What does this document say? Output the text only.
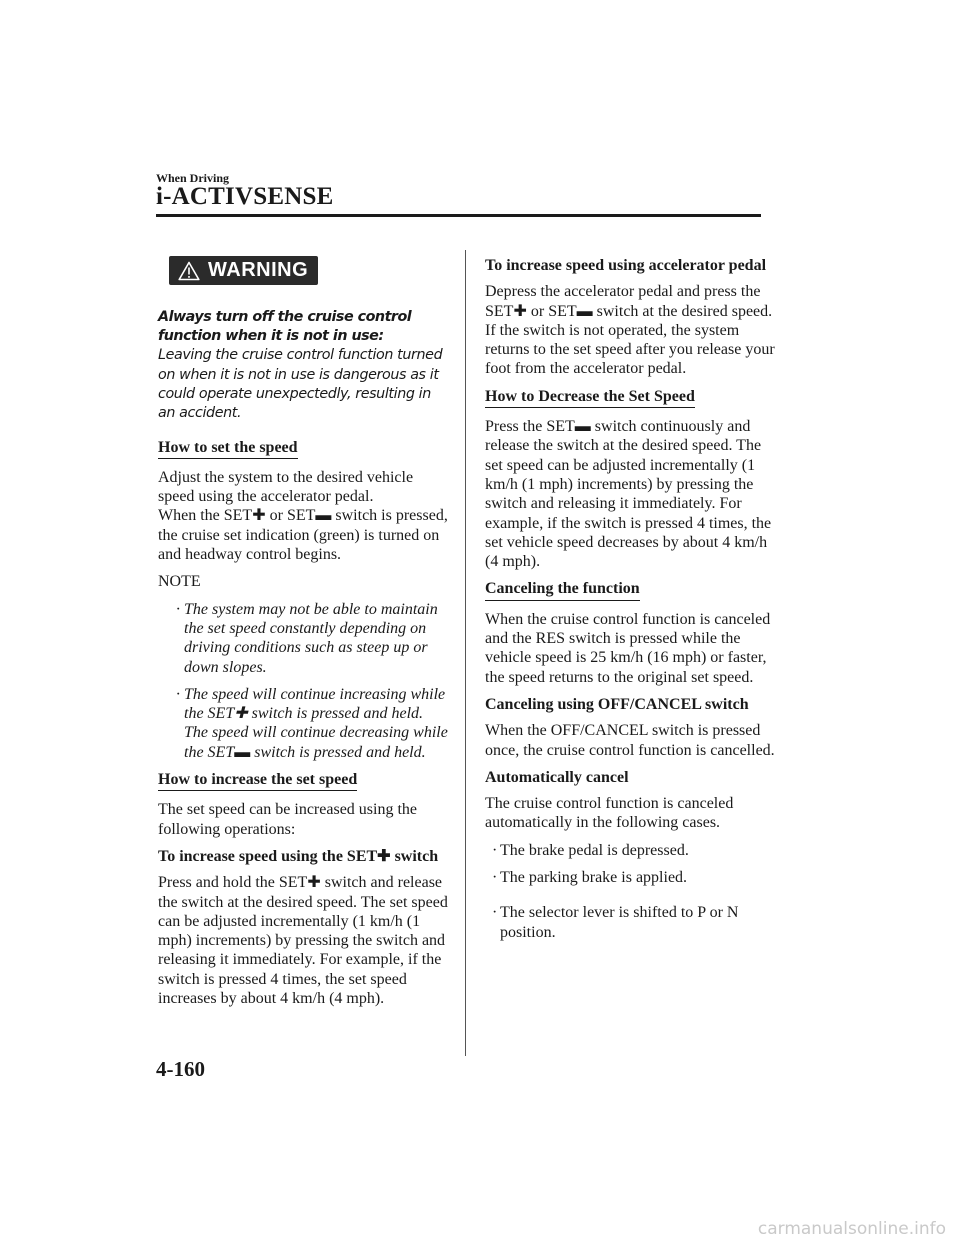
When Driving
i-ACTIVSENSE
WARNING
Always turn off the cruise control function when it is not in use:
Leaving the cruise control function turned on when it is not in use is dangerous as it could operate unexpectedly, resulting in an accident.
How to set the speed

Adjust the system to the desired vehicle speed using the accelerator pedal.

When the SET✚ or SET▬ switch is pressed, the cruise set indication (green) is turned on and headway control begins.

NOTE

· The system may not be able to maintain the set speed constantly depending on driving conditions such as steep up or down slopes.

· The speed will continue increasing while the SET✚ switch is pressed and held. The speed will continue decreasing while the SET▬ switch is pressed and held.

How to increase the set speed

The set speed can be increased using the following operations:

To increase speed using the SET✚ switch

Press and hold the SET✚ switch and release the switch at the desired speed. The set speed can be adjusted incrementally (1 km/h (1 mph) increments) by pressing the switch and releasing it immediately. For example, if the switch is pressed 4 times, the set speed increases by about 4 km/h (4 mph).

To increase speed using accelerator pedal

Depress the accelerator pedal and press the SET✚ or SET▬ switch at the desired speed. If the switch is not operated, the system returns to the set speed after you release your foot from the accelerator pedal.

How to Decrease the Set Speed

Press the SET▬ switch continuously and release the switch at the desired speed. The set speed can be adjusted incrementally (1 km/h (1 mph) increments) by pressing the switch and releasing it immediately. For example, if the switch is pressed 4 times, the set vehicle speed decreases by about 4 km/h (4 mph).

Canceling the function

When the cruise control function is canceled and the RES switch is pressed while the vehicle speed is 25 km/h (16 mph) or faster, the speed returns to the original set speed.

Canceling using OFF/CANCEL switch

When the OFF/CANCEL switch is pressed once, the cruise control function is cancelled.

Automatically cancel

The cruise control function is canceled automatically in the following cases.

· The brake pedal is depressed.

· The parking brake is applied.

· The selector lever is shifted to P or N position.

4-160
carmanualsonline.info
